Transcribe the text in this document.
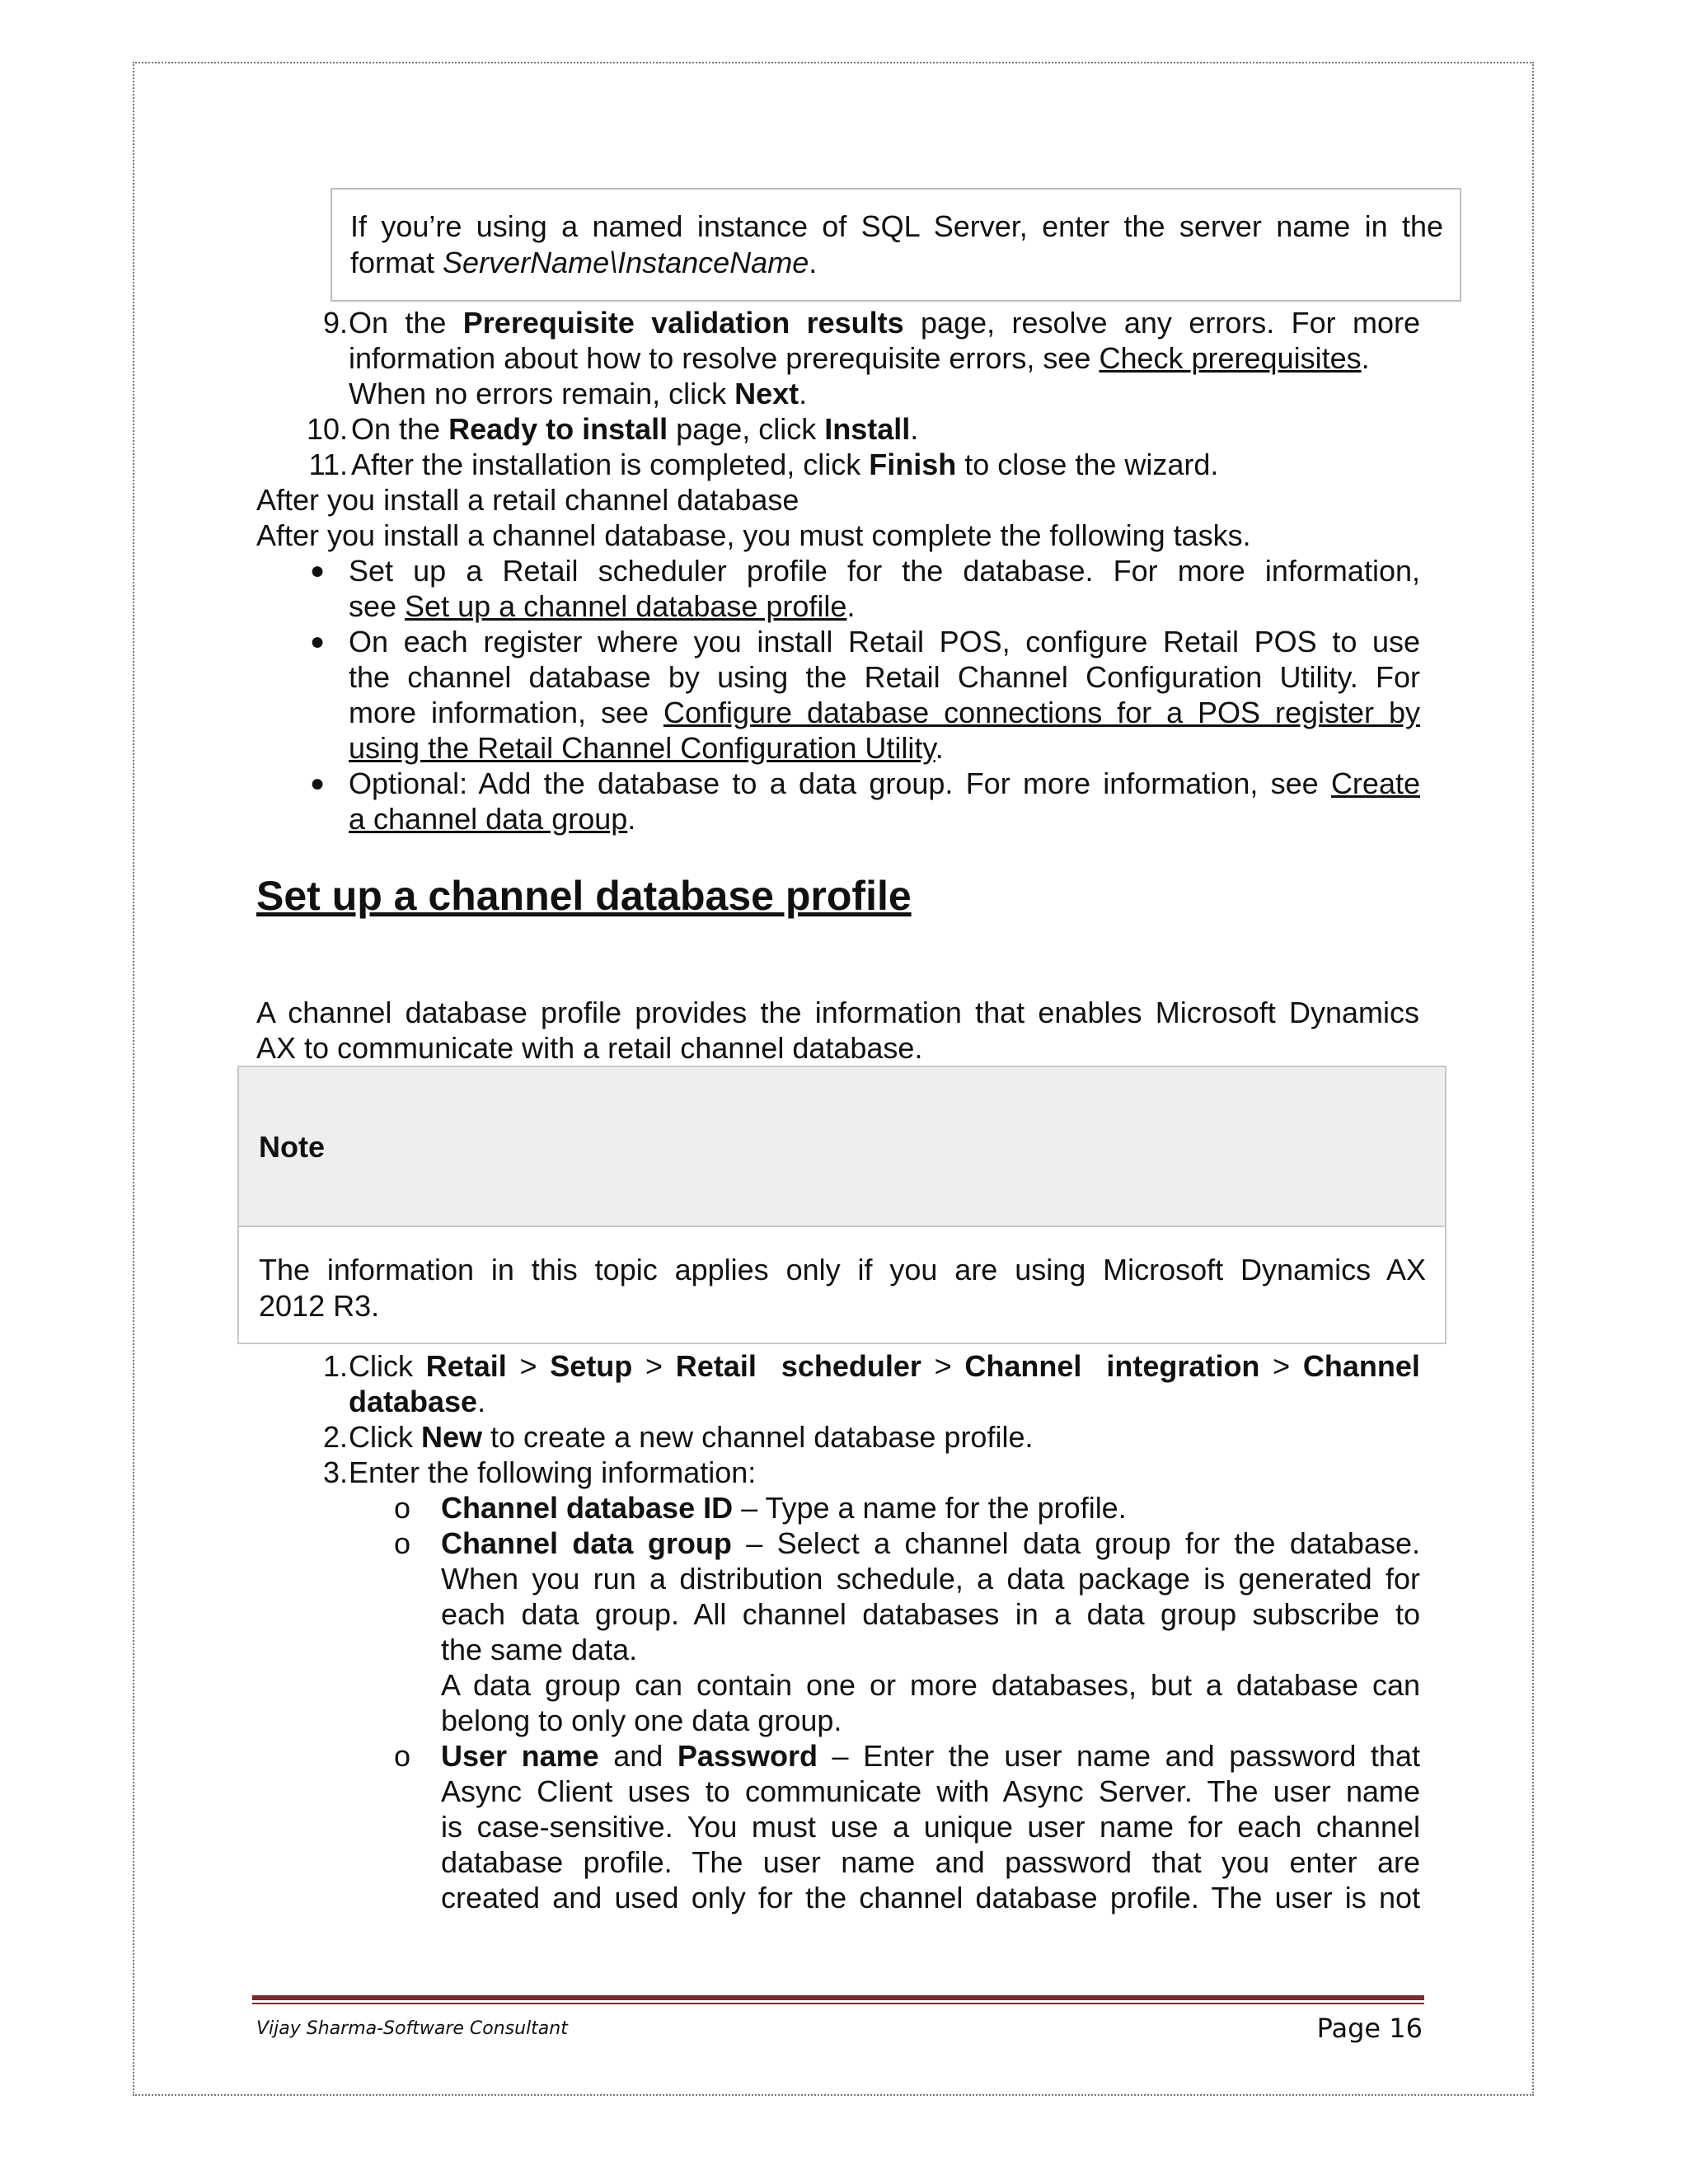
If you’re using a named instance of SQL Server, enter the server name in the
format ServerName\InstanceName.
9. On the Prerequisite validation results page, resolve any errors. For more
information about how to resolve prerequisite errors, see Check prerequisites.
When no errors remain, click Next.
10. On the Ready to install page, click Install.
11. After the installation is completed, click Finish to close the wizard.
After you install a retail channel database
After you install a channel database, you must complete the following tasks.
● Set up a Retail scheduler profile for the database. For more information,
see Set up a channel database profile.
● On each register where you install Retail POS, configure Retail POS to use
the channel database by using the Retail Channel Configuration Utility. For
more information, see Configure database connections for a POS register by
using the Retail Channel Configuration Utility.
● Optional: Add the database to a data group. For more information, see Create
a channel data group.
Set up a channel database profile
A channel database profile provides the information that enables Microsoft Dynamics
AX to communicate with a retail channel database.
Note
The information in this topic applies only if you are using Microsoft Dynamics AX
2012 R3.
1. Click Retail > Setup > Retail   scheduler > Channel   integration > Channel
database.
2. Click New to create a new channel database profile.
3. Enter the following information:
o Channel database ID – Type a name for the profile.
o Channel data group – Select a channel data group for the database.
When you run a distribution schedule, a data package is generated for
each data group. All channel databases in a data group subscribe to
the same data.
A data group can contain one or more databases, but a database can
belong to only one data group.
o User name and Password – Enter the user name and password that
Async Client uses to communicate with Async Server. The user name
is case-sensitive. You must use a unique user name for each channel
database profile. The user name and password that you enter are
created and used only for the channel database profile. The user is not
Vijay Sharma-Software Consultant	Page 16
